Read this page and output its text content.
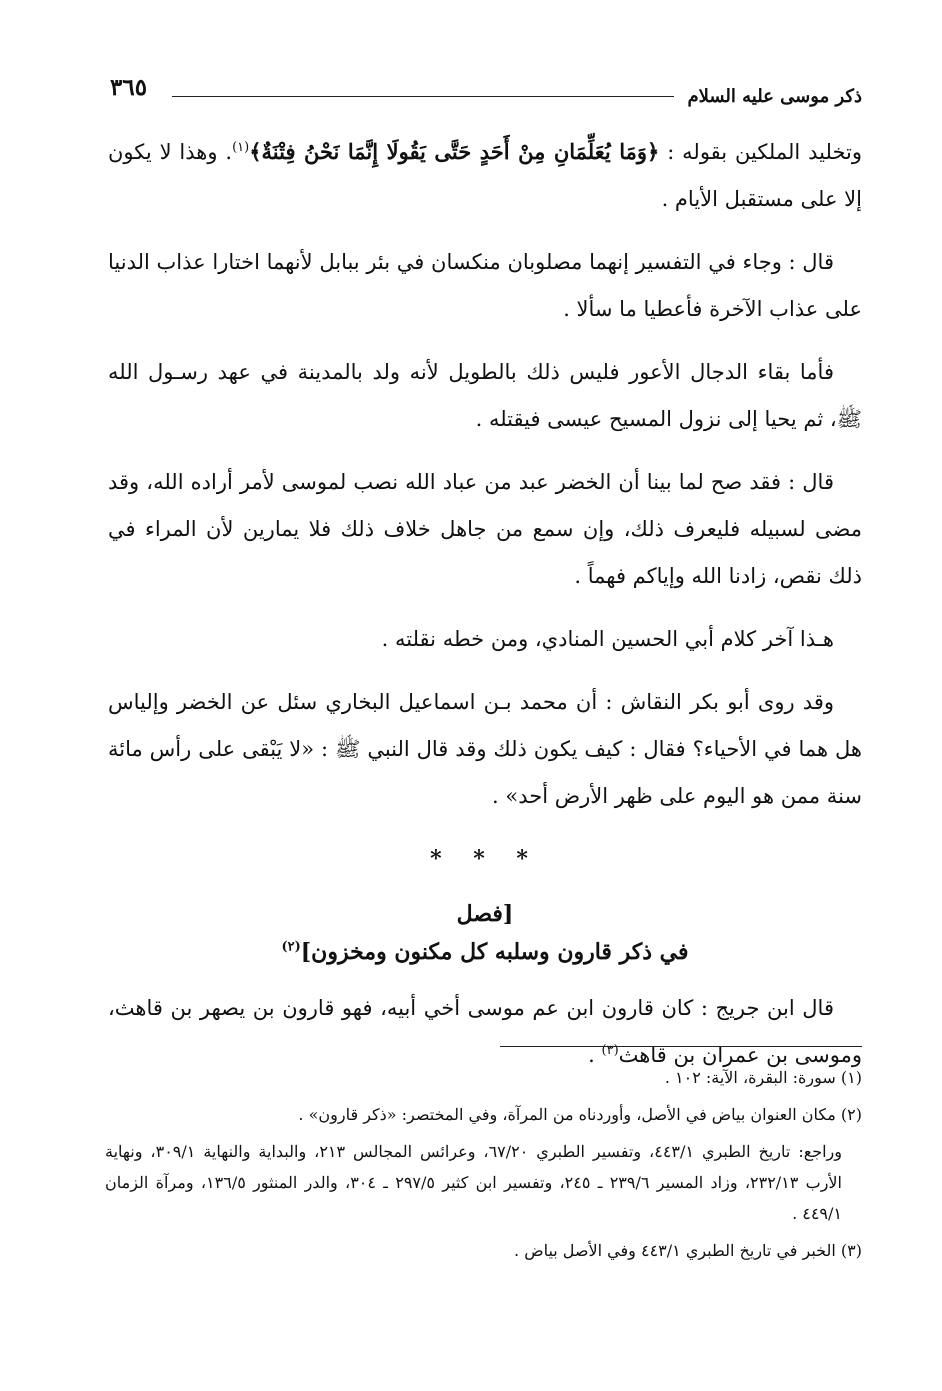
٣٦٥	ذكر موسى عليه السلام

وتخليد الملكين بقوله : ﴿وَمَا يُعَلِّمَانِ مِنْ أَحَدٍ حَتَّى يَقُولَا إِنَّمَا نَحْنُ فِتْنَةٌ﴾$^{(١)}$. وهذا لا يكون إلا على مستقبل الأيام .

قال : وجاء في التفسير إنهما مصلوبان منكسان في بئر ببابل لأنهما اختارا عذاب الدنيا على عذاب الآخرة فأعطيا ما سألا .

فأما بقاء الدجال الأعور فليس ذلك بالطويل لأنه ولد بالمدينة في عهد رسـول الله ﷺ، ثم يحيا إلى نزول المسيح عيسى فيقتله .

قال : فقد صح لما بينا أن الخضر عبد من عباد الله نصب لموسى لأمر أراده الله، وقد مضى لسبيله فليعرف ذلك، وإن سمع من جاهل خلاف ذلك فلا يمارين لأن المراء في ذلك نقص، زادنا الله وإياكم فهماً .

هـذا آخر كلام أبي الحسين المنادي، ومن خطه نقلته .

وقد روى أبو بكر النقاش : أن محمد بـن اسماعيل البخاري سئل عن الخضر وإلياس هل هما في الأحياء؟ فقال : كيف يكون ذلك وقد قال النبي ﷺ : «لا يَبْقى على رأس مائة سنة ممن هو اليوم على ظهر الأرض أحد» .

* * *
[فصل
في ذكر قارون وسلبه كل مكنون ومخزون]$^{(٢)}$

قال ابن جريج : كان قارون ابن عم موسى أخي أبيه، فهو قارون بن يصهر بن قاهث، وموسى بن عمران بن قاهث$^{(٣)}$ .

(١) سورة: البقرة، الآية: ١٠٢ .

(٢) مكان العنوان بياض في الأصل، وأوردناه من المرآة، وفي المختصر: «ذكر قارون» .

وراجع: تاريخ الطبري ٤٤٣/١، وتفسير الطبري ٦٧/٢٠، وعرائس المجالس ٢١٣، والبداية والنهاية ٣٠٩/١، ونهاية الأرب ٢٣٢/١٣، وزاد المسير ٢٣٩/٦ ـ ٢٤٥، وتفسير ابن كثير ٢٩٧/٥ ـ ٣٠٤، والدر المنثور ١٣٦/٥، ومرآة الزمان ٤٤٩/١ .

(٣) الخبر في تاريخ الطبري ٤٤٣/١ وفي الأصل بياض .
